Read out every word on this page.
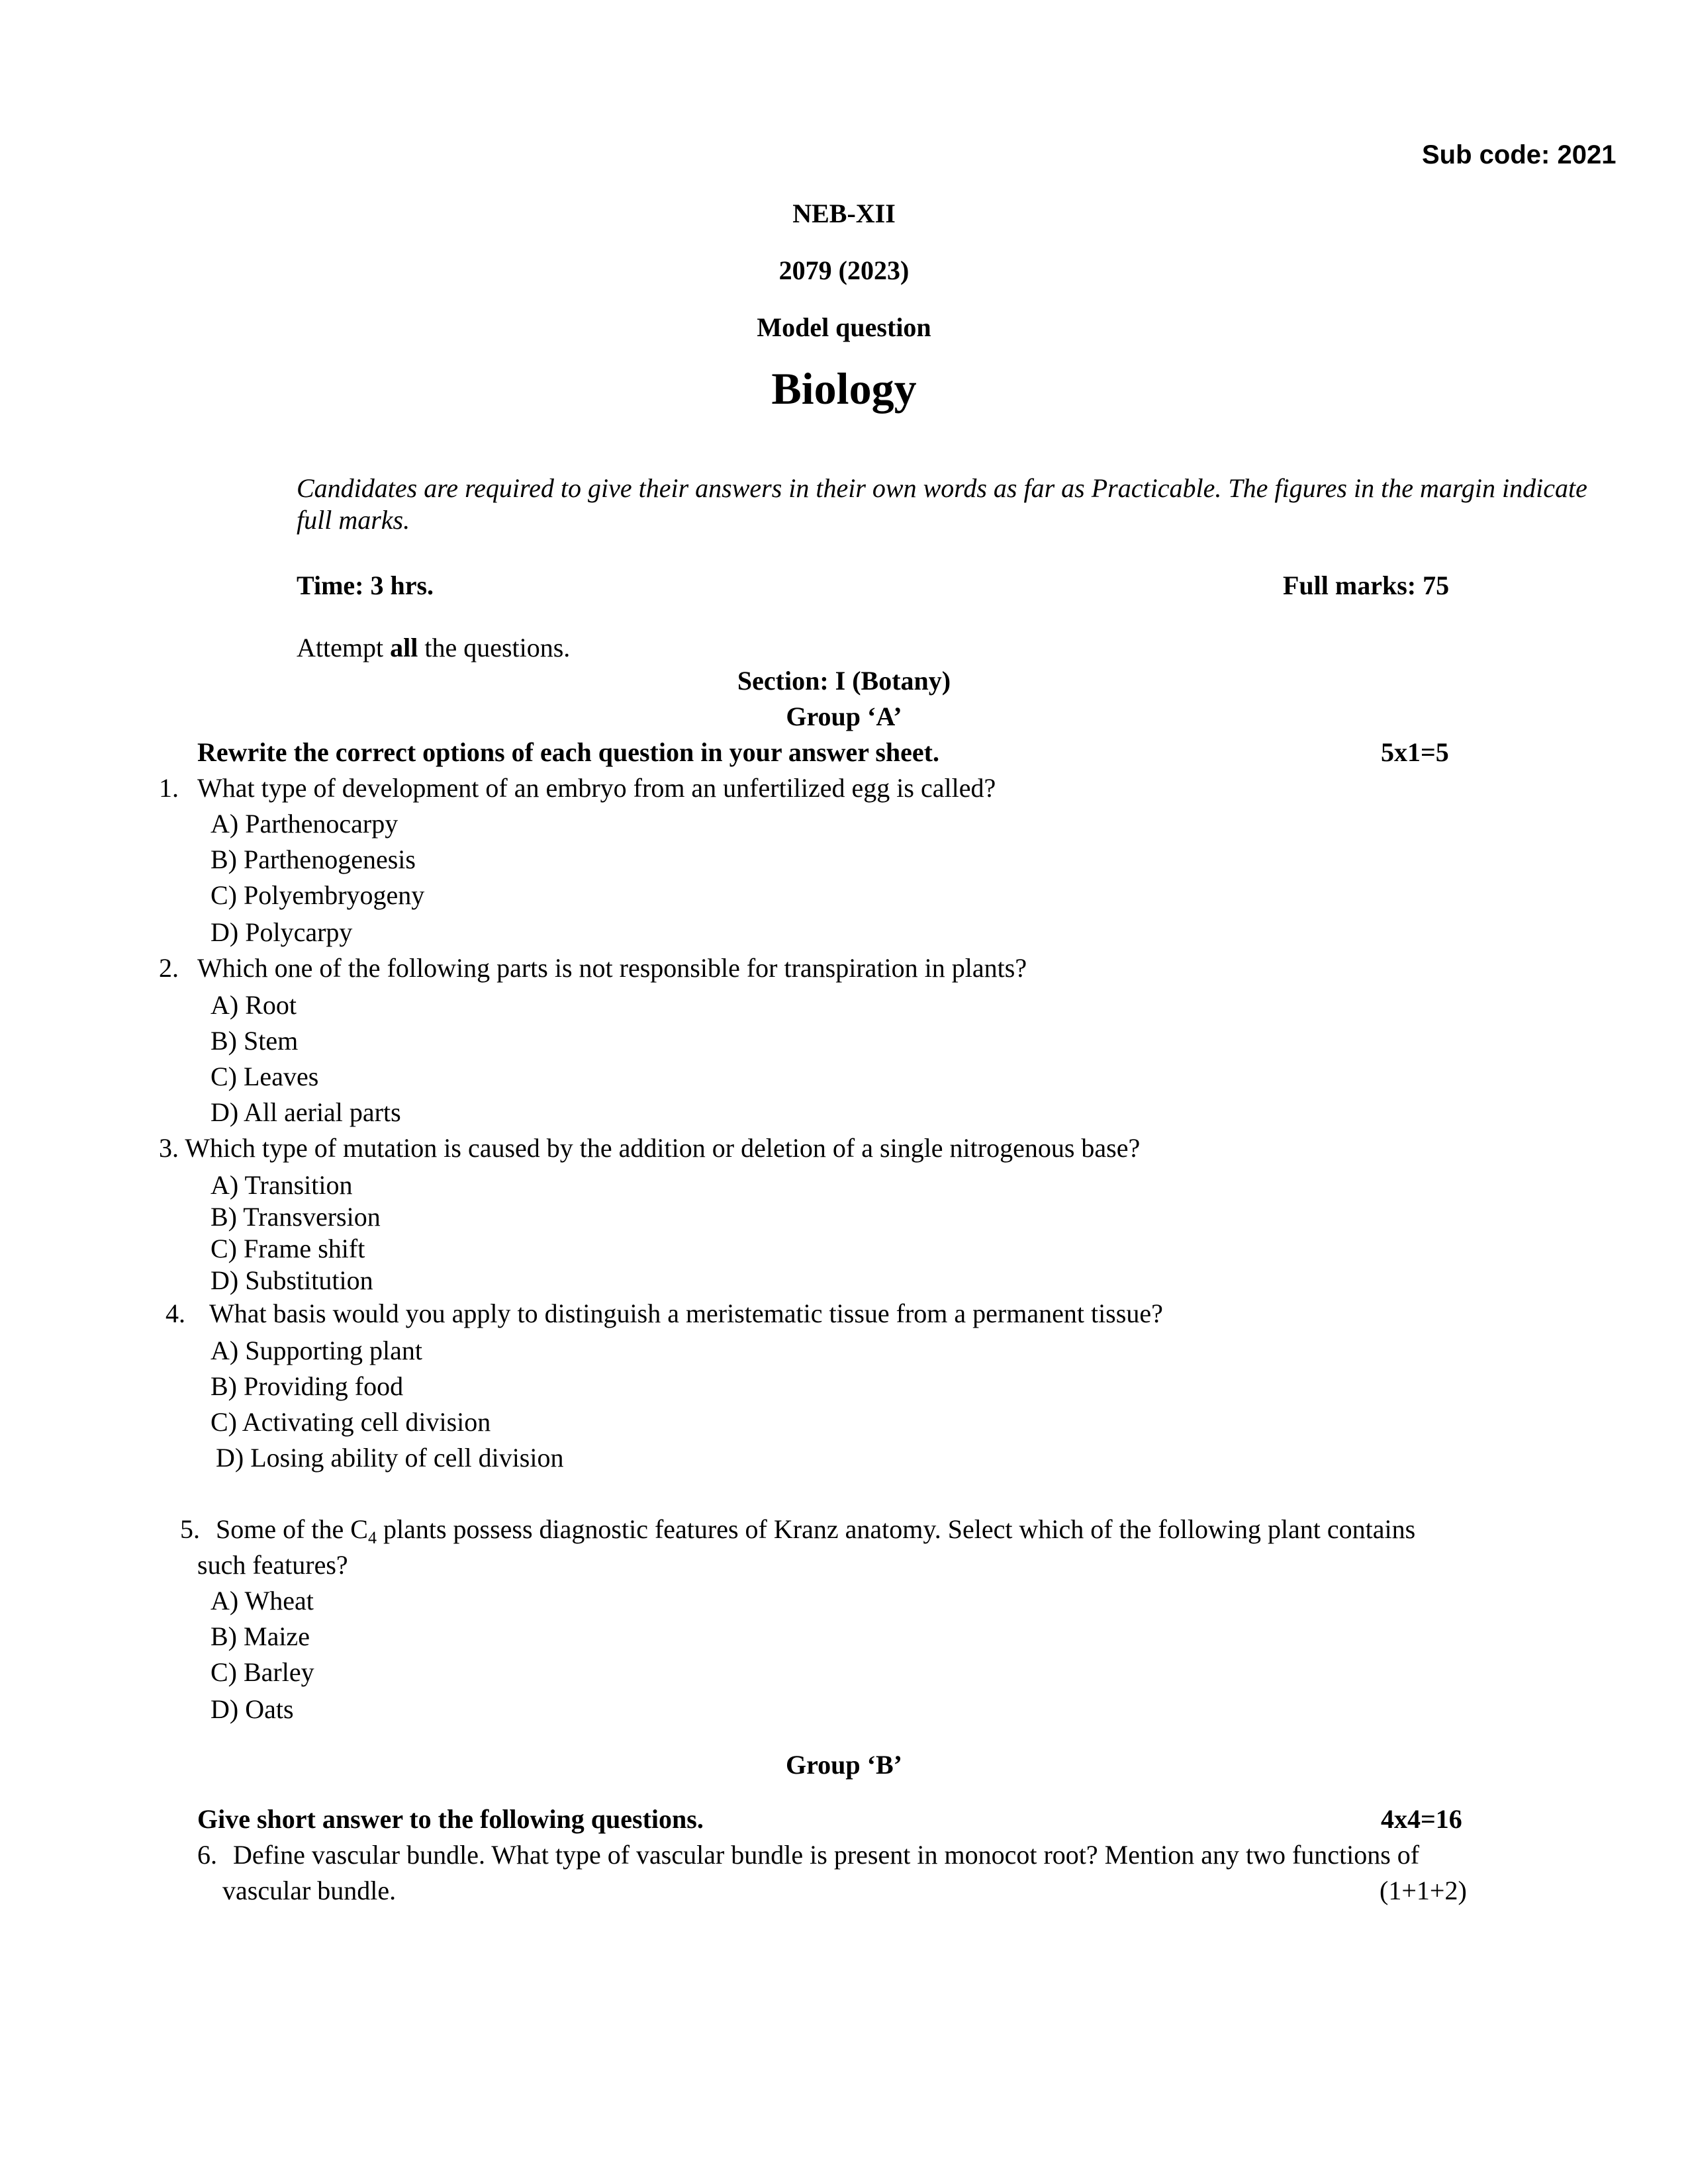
Sub code: 2021
NEB-XII
2079 (2023)
Model question
Biology
Candidates are required to give their answers in their own words as far as Practicable. The figures in the margin indicate full marks.
Time: 3 hrs.	Full marks: 75
Attempt all the questions.
Section: I (Botany)
Group ‘A’
Rewrite the correct options of each question in your answer sheet.	5x1=5
1. What type of development of an embryo from an unfertilized egg is called?
A) Parthenocarpy
B) Parthenogenesis
C) Polyembryogeny
D) Polycarpy
2. Which one of the following parts is not responsible for transpiration in plants?
A) Root
B) Stem
C) Leaves
D) All aerial parts
3. Which type of mutation is caused by the addition or deletion of a single nitrogenous base?
A) Transition
B) Transversion
C) Frame shift
D) Substitution
4. What basis would you apply to distinguish a meristematic tissue from a permanent tissue?
A) Supporting plant
B) Providing food
C) Activating cell division
D) Losing ability of cell division
5. Some of the $C_4$ plants possess diagnostic features of Kranz anatomy. Select which of the following plant contains
such features?
A) Wheat
B) Maize
C) Barley
D) Oats
Group ‘B’
Give short answer to the following questions.	4x4=16
6. Define vascular bundle. What type of vascular bundle is present in monocot root? Mention any two functions of
vascular bundle.	(1+1+2)
